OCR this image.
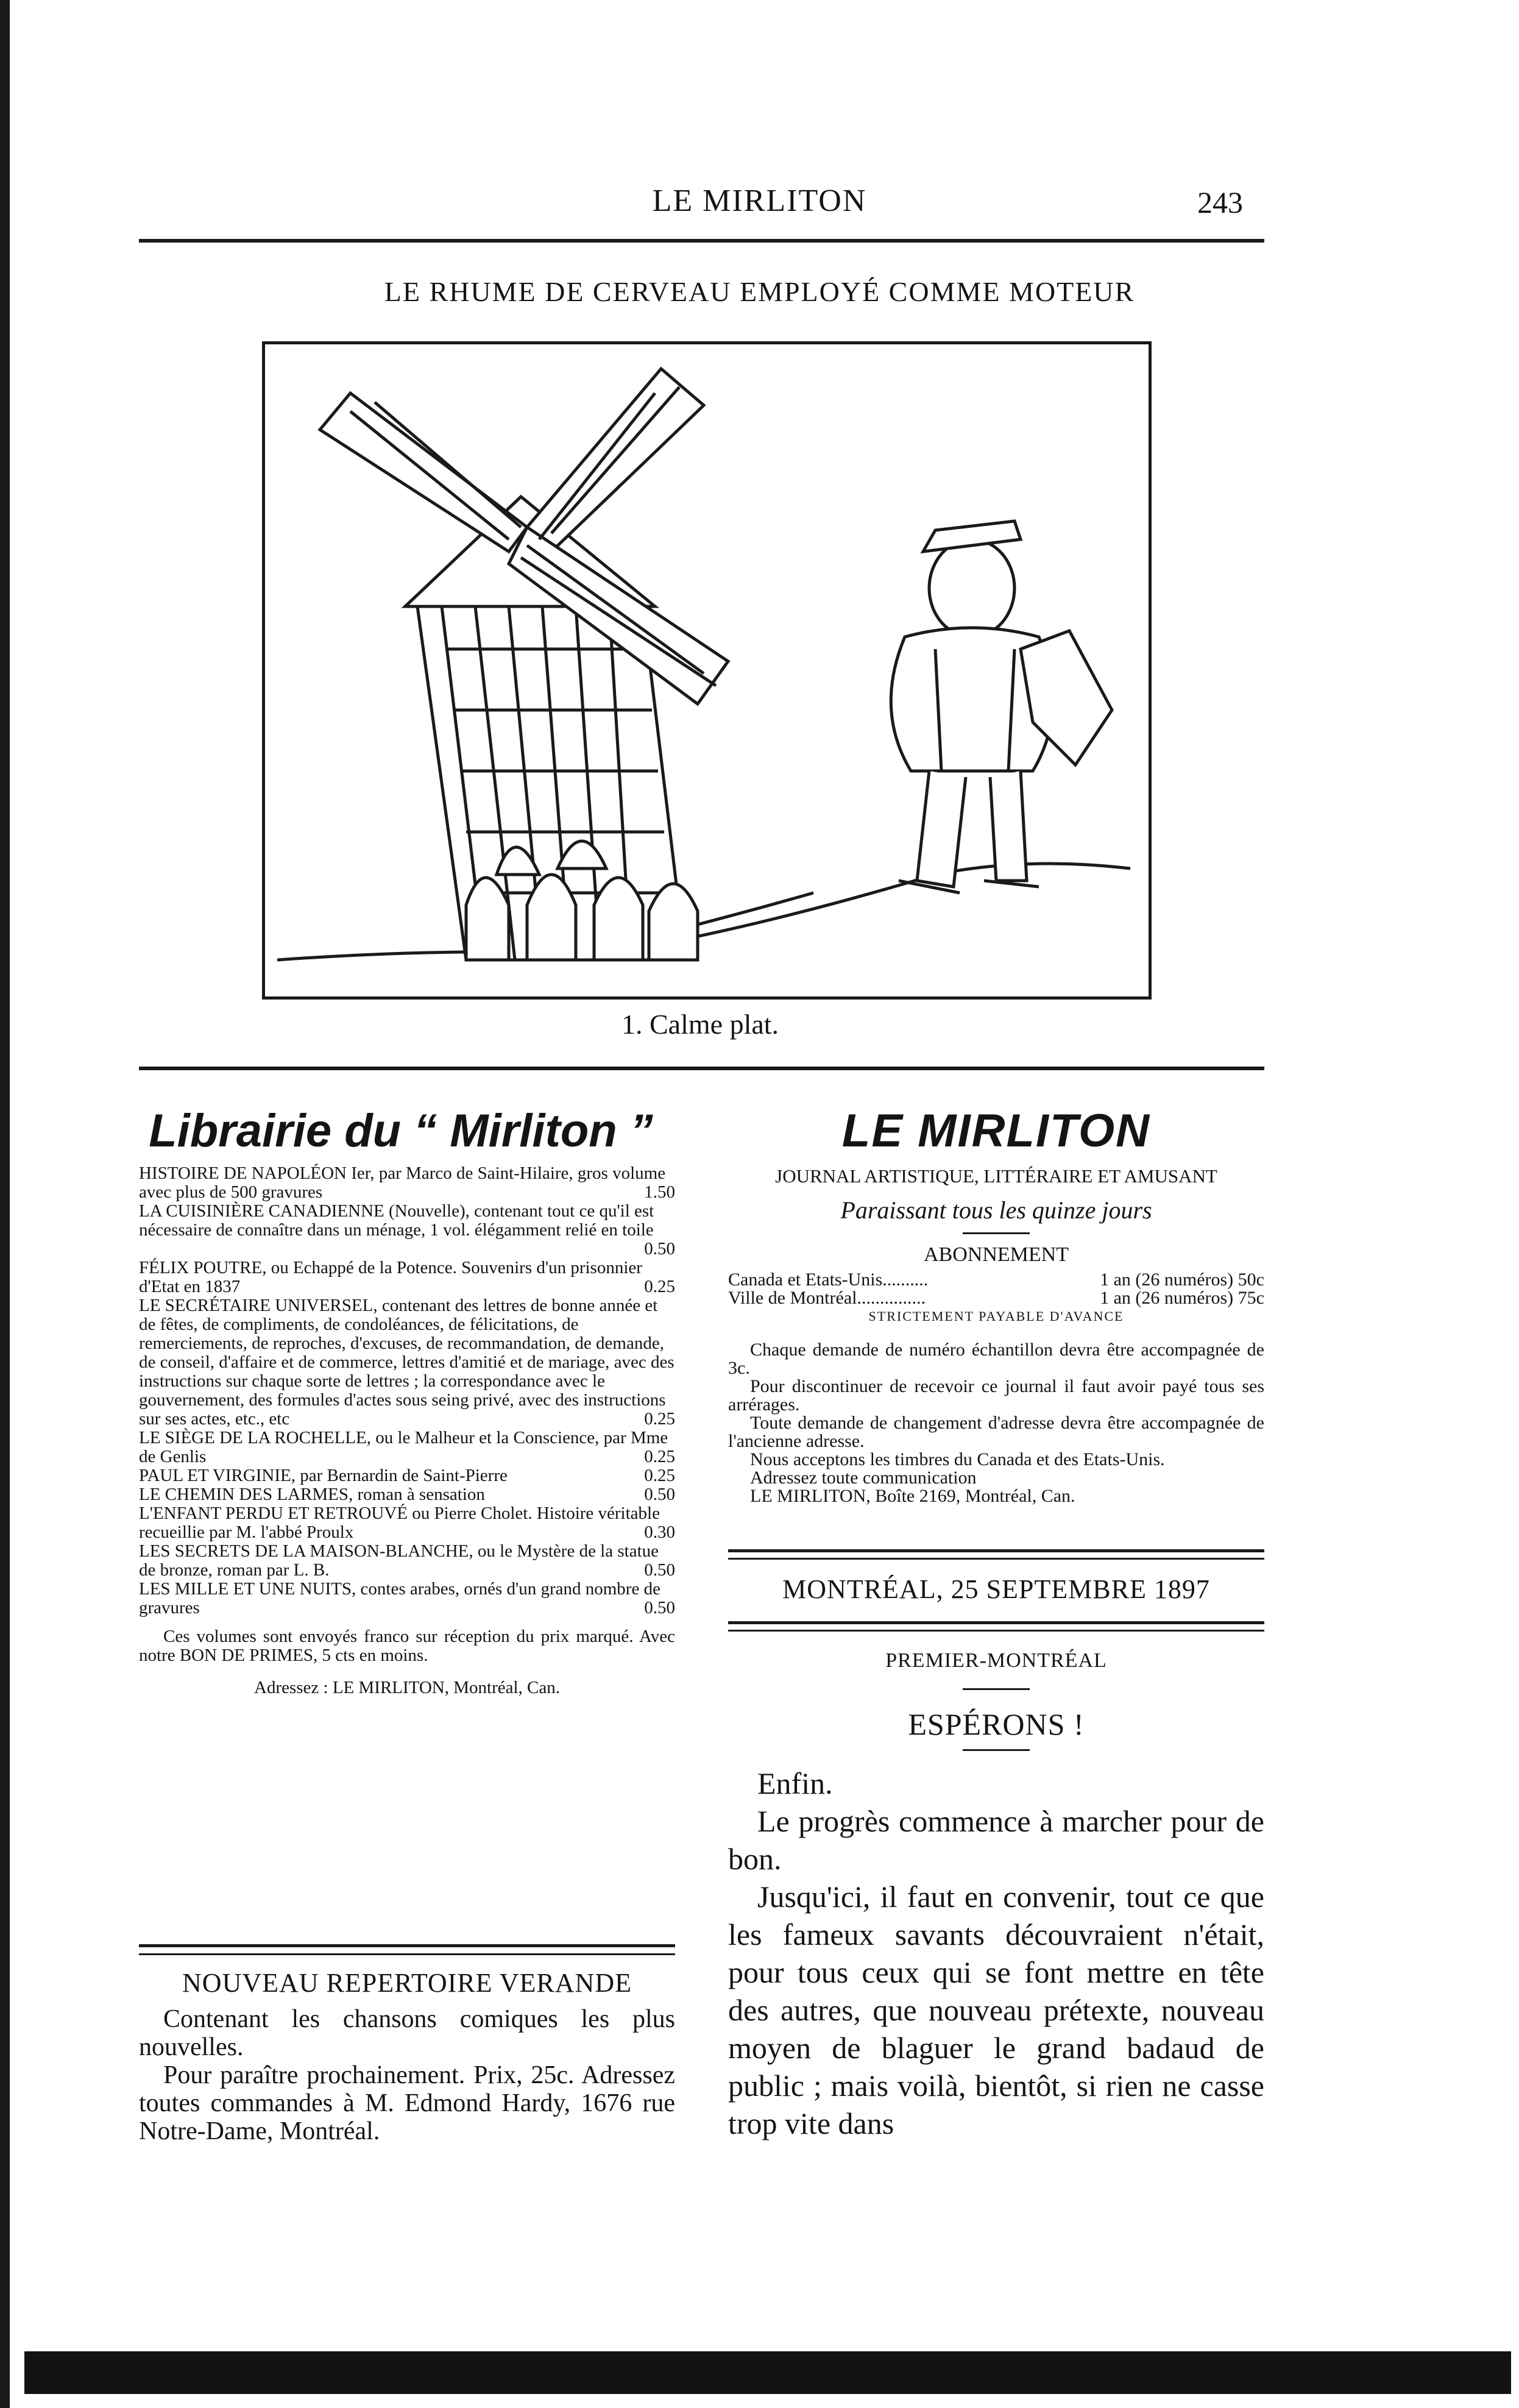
LE MIRLITON	243
LE RHUME DE CERVEAU EMPLOYÉ COMME MOTEUR
1. Calme plat.
Librairie du “ Mirliton ”
HISTOIRE DE NAPOLÉON Ier, par Marco de Saint-Hilaire, gros volume avec plus de 500 gravures	1.50
LA CUISINIÈRE CANADIENNE (Nouvelle), contenant tout ce qu'il est nécessaire de connaître dans un ménage, 1 vol. élégamment relié en toile
0.50
FÉLIX POUTRE, ou Echappé de la Potence. Souvenirs d'un prisonnier d'Etat en 1837	0.25
LE SECRÉTAIRE UNIVERSEL, contenant des lettres de bonne année et de fêtes, de compliments, de condoléances, de félicitations, de remerciements, de reproches, d'excuses, de recommandation, de demande, de conseil, d'affaire et de commerce, lettres d'amitié et de mariage, avec des instructions sur chaque sorte de lettres ; la correspondance avec le gouvernement, des formules d'actes sous seing privé, avec des instructions sur ses actes, etc., etc	0.25
LE SIÈGE DE LA ROCHELLE, ou le Malheur et la Conscience, par Mme de Genlis	0.25
PAUL ET VIRGINIE, par Bernardin de Saint-Pierre	0.25
LE CHEMIN DES LARMES, roman à sensation	0.50
L'ENFANT PERDU ET RETROUVÉ ou Pierre Cholet. Histoire véritable recueillie par M. l'abbé Proulx	0.30
LES SECRETS DE LA MAISON-BLANCHE, ou le Mystère de la statue de bronze, roman par L. B.	0.50
LES MILLE ET UNE NUITS, contes arabes, ornés d'un grand nombre de gravures	0.50
Ces volumes sont envoyés franco sur réception du prix marqué. Avec notre BON DE PRIMES, 5 cts en moins.
Adressez : LE MIRLITON, Montréal, Can.
NOUVEAU REPERTOIRE VERANDE

Contenant les chansons comiques les plus nouvelles.

Pour paraître prochainement. Prix, 25c. Adressez toutes commandes à M. Edmond Hardy, 1676 rue Notre-Dame, Montréal.

LE MIRLITON
JOURNAL ARTISTIQUE, LITTÉRAIRE ET AMUSANT
Paraissant tous les quinze jours
ABONNEMENT
Canada et Etats-Unis..........	1 an (26 numéros) 50c
Ville de Montréal...............	1 an (26 numéros) 75c
STRICTEMENT PAYABLE D'AVANCE

Chaque demande de numéro échantillon devra être accompagnée de 3c.

Pour discontinuer de recevoir ce journal il faut avoir payé tous ses arrérages.

Toute demande de changement d'adresse devra être accompagnée de l'ancienne adresse.

Nous acceptons les timbres du Canada et des Etats-Unis.

Adressez toute communication

LE MIRLITON, Boîte 2169, Montréal, Can.

MONTRÉAL, 25 SEPTEMBRE 1897
PREMIER-MONTRÉAL
ESPÉRONS !

Enfin.

Le progrès commence à marcher pour de bon.

Jusqu'ici, il faut en convenir, tout ce que les fameux savants découvraient n'était, pour tous ceux qui se font mettre en tête des autres, que nouveau prétexte, nouveau moyen de blaguer le grand badaud de public ; mais voilà, bientôt, si rien ne casse trop vite dans
